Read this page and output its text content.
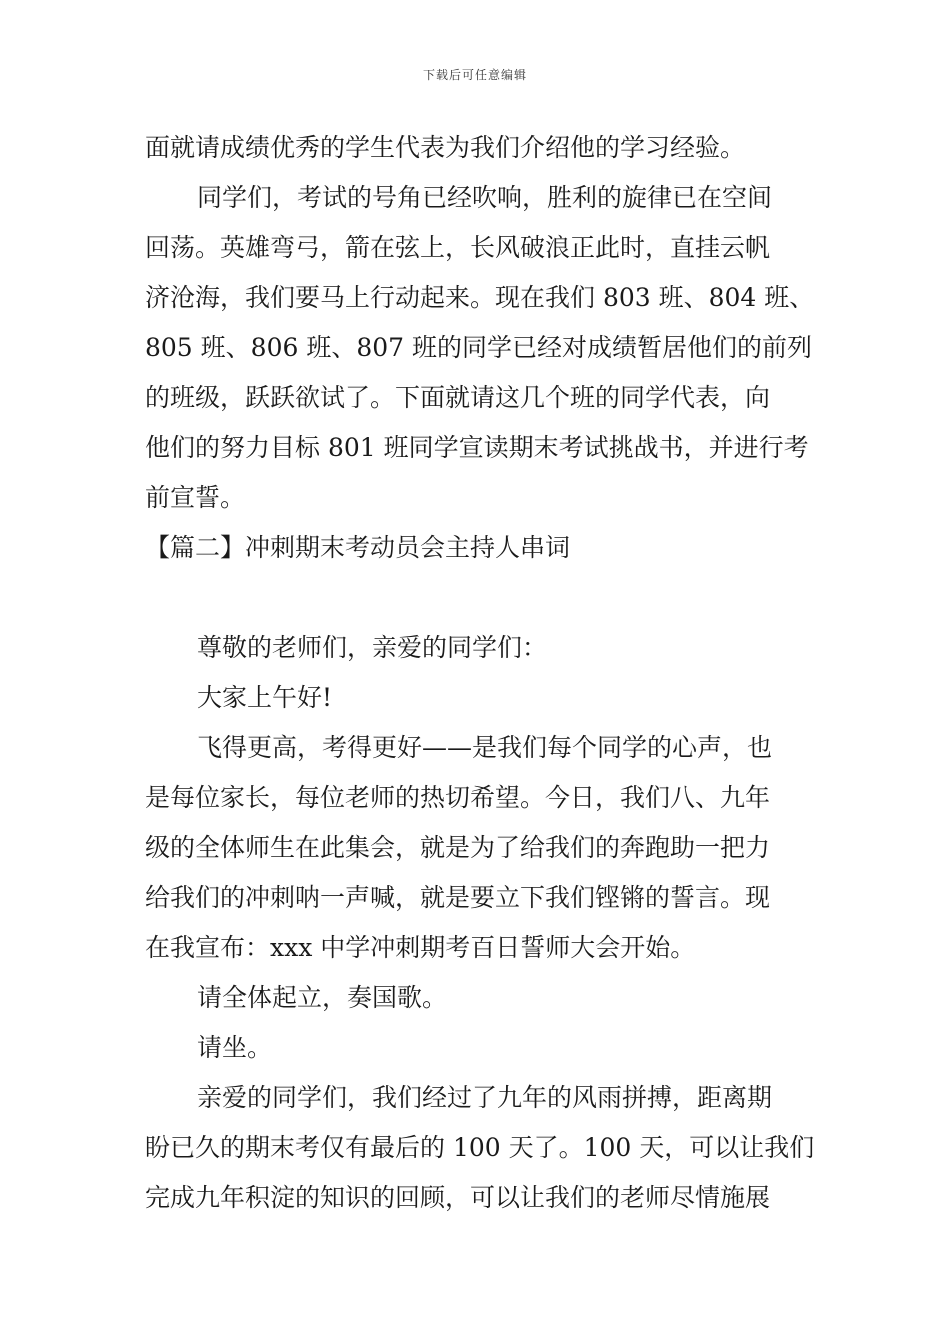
下载后可任意编辑
面就请成绩优秀的学生代表为我们介绍他的学习经验。
同学们，考试的号角已经吹响，胜利的旋律已在空间
回荡。英雄弯弓，箭在弦上，长风破浪正此时，直挂云帆
济沧海，我们要马上行动起来。现在我们 803 班、804 班、
805 班、806 班、807 班的同学已经对成绩暂居他们的前列
的班级，跃跃欲试了。下面就请这几个班的同学代表，向
他们的努力目标 801 班同学宣读期末考试挑战书，并进行考
前宣誓。
【篇二】冲刺期末考动员会主持人串词
尊敬的老师们，亲爱的同学们：
大家上午好!
飞得更高，考得更好——是我们每个同学的心声，也
是每位家长，每位老师的热切希望。今日，我们八、九年
级的全体师生在此集会，就是为了给我们的奔跑助一把力
给我们的冲刺呐一声喊，就是要立下我们铿锵的誓言。现
在我宣布：xxx 中学冲刺期考百日誓师大会开始。
请全体起立，奏国歌。
请坐。
亲爱的同学们，我们经过了九年的风雨拼搏，距离期
盼已久的期末考仅有最后的 100 天了。100 天，可以让我们
完成九年积淀的知识的回顾，可以让我们的老师尽情施展
